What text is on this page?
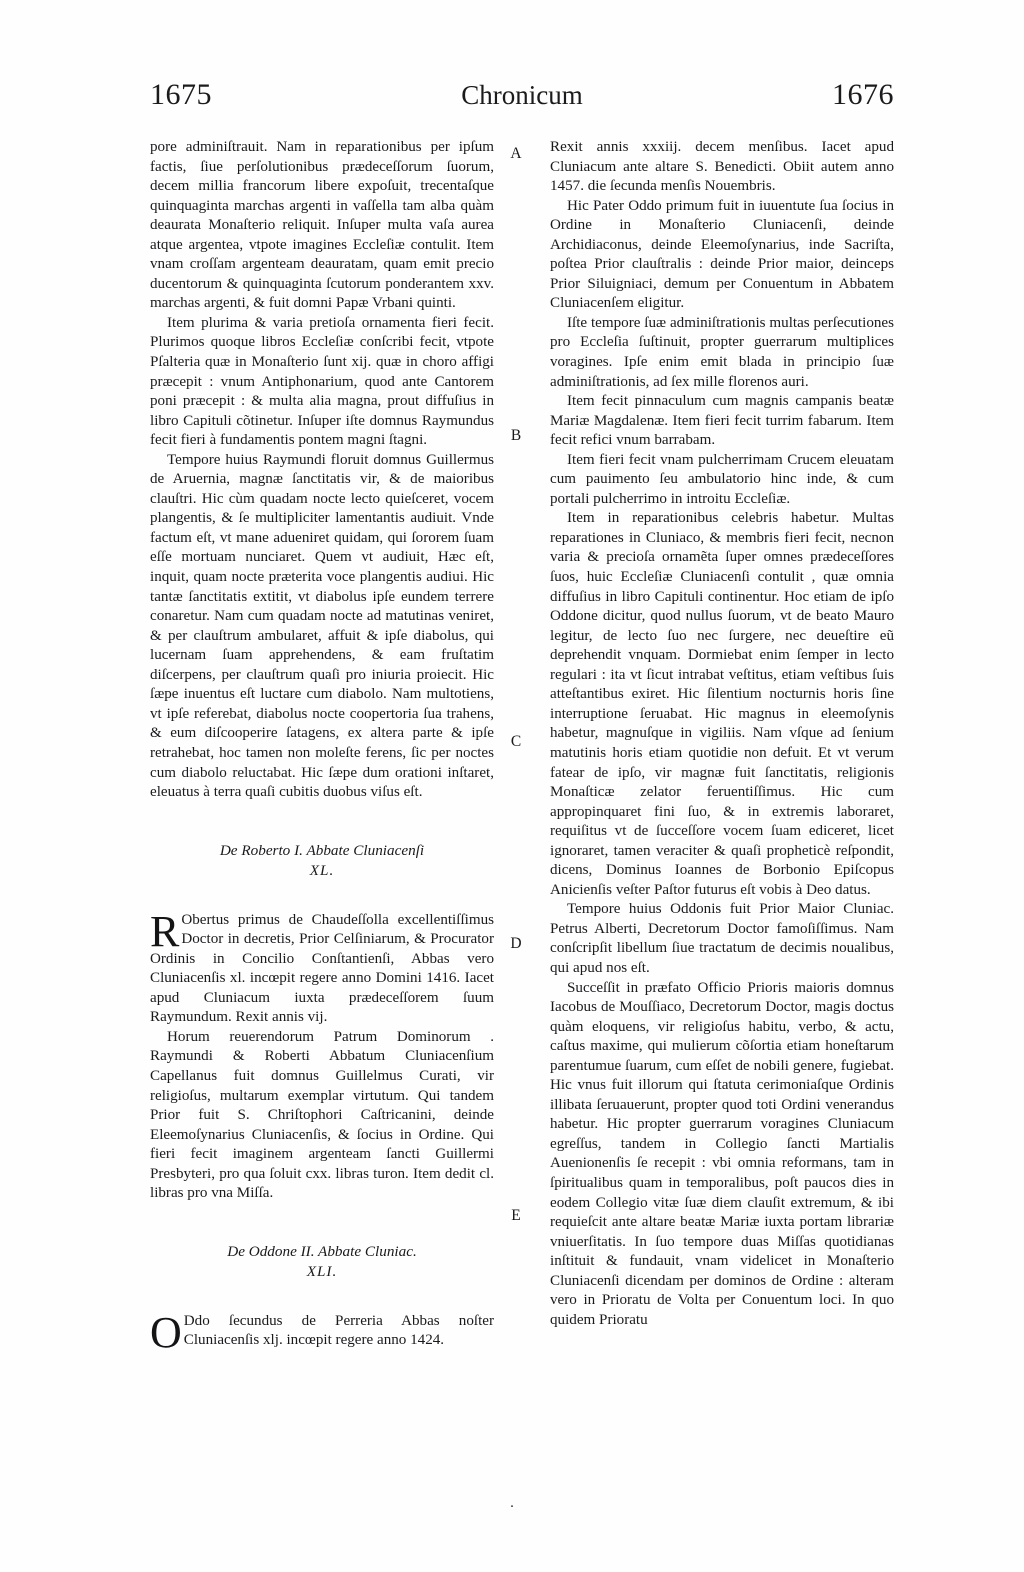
1675	Chronicum	1676
A
B
C
D
E

pore adminiſtrauit. Nam in reparationibus per ipſum factis, ſiue perſolutionibus prædeceſſorum ſuorum, decem millia francorum libere expoſuit, trecentaſque quinquaginta marchas argenti in vaſſella tam alba quàm deaurata Monaſterio reliquit. Inſuper multa vaſa aurea atque argentea, vtpote imagines Eccleſiæ contulit. Item vnam croſſam argenteam deauratam, quam emit precio ducentorum & quinquaginta ſcutorum ponderantem xxv. marchas argenti, & fuit domni Papæ Vrbani quinti.

Item plurima & varia pretioſa ornamenta fieri fecit. Plurimos quoque libros Eccleſiæ conſcribi fecit, vtpote Pſalteria quæ in Monaſterio ſunt xij. quæ in choro affigi præcepit : vnum Antiphonarium, quod ante Cantorem poni præcepit : & multa alia magna, prout diffuſius in libro Capituli cõtinetur. Inſuper iſte domnus Raymundus fecit fieri à fundamentis pontem magni ſtagni.

Tempore huius Raymundi floruit domnus Guillermus de Aruernia, magnæ ſanctitatis vir, & de maioribus clauſtri. Hic cùm quadam nocte lecto quieſceret, vocem plangentis, & ſe multipliciter lamentantis audiuit. Vnde factum eſt, vt mane adueniret quidam, qui ſororem ſuam eſſe mortuam nunciaret. Quem vt audiuit, Hæc eſt, inquit, quam nocte præterita voce plangentis audiui. Hic tantæ ſanctitatis extitit, vt diabolus ipſe eundem terrere conaretur. Nam cum quadam nocte ad matutinas veniret, & per clauſtrum ambularet, affuit & ipſe diabolus, qui lucernam ſuam apprehendens, & eam fruſtatim diſcerpens, per clauſtrum quaſi pro iniuria proiecit. Hic ſæpe inuentus eſt luctare cum diabolo. Nam multotiens, vt ipſe referebat, diabolus nocte coopertoria ſua trahens, & eum diſcooperire ſatagens, ex altera parte & ipſe retrahebat, hoc tamen non moleſte ferens, ſic per noctes cum diabolo reluctabat. Hic ſæpe dum orationi inſtaret, eleuatus à terra quaſi cubitis duobus viſus eſt.

De Roberto I. Abbate Cluniacenſi

XL.

R Obertus primus de Chaudeſſolla excellentiſſimus Doctor in decretis, Prior Celſiniarum, & Procurator Ordinis in Concilio Conſtantienſi, Abbas vero Cluniacenſis xl. incœpit regere anno Domini 1416. Iacet apud Cluniacum iuxta prædeceſſorem ſuum Raymundum. Rexit annis vij.

Horum reuerendorum Patrum Dominorum . Raymundi & Roberti Abbatum Cluniacenſium Capellanus fuit domnus Guillelmus Curati, vir religioſus, multarum exemplar virtutum. Qui tandem Prior fuit S. Chriſtophori Caſtricanini, deinde Eleemoſynarius Cluniacenſis, & ſocius in Ordine. Qui fieri fecit imaginem argenteam ſancti Guillermi Presbyteri, pro qua ſoluit cxx. libras turon. Item dedit cl. libras pro vna Miſſa.

De Oddone II. Abbate Cluniac.

XLI.

O Ddo ſecundus de Perreria Abbas noſter Cluniacenſis xlj. incœpit regere anno 1424.

Rexit annis xxxiij. decem menſibus. Iacet apud Cluniacum ante altare S. Benedicti. Obiit autem anno 1457. die ſecunda menſis Nouembris.

Hic Pater Oddo primum fuit in iuuentute ſua ſocius in Ordine in Monaſterio Cluniacenſi, deinde Archidiaconus, deinde Eleemoſynarius, inde Sacriſta, poſtea Prior clauſtralis : deinde Prior maior, deinceps Prior Siluigniaci, demum per Conuentum in Abbatem Cluniacenſem eligitur.

Iſte tempore ſuæ adminiſtrationis multas perſecutiones pro Eccleſia ſuſtinuit, propter guerrarum multiplices voragines. Ipſe enim emit blada in principio ſuæ adminiſtrationis, ad ſex mille florenos auri.

Item fecit pinnaculum cum magnis campanis beatæ Mariæ Magdalenæ. Item fieri fecit turrim fabarum. Item fecit refici vnum barrabam.

Item fieri fecit vnam pulcherrimam Crucem eleuatam cum pauimento ſeu ambulatorio hinc inde, & cum portali pulcherrimo in introitu Eccleſiæ.

Item in reparationibus celebris habetur. Multas reparationes in Cluniaco, & membris fieri fecit, necnon varia & precioſa ornamẽta ſuper omnes prædeceſſores ſuos, huic Eccleſiæ Cluniacenſi contulit , quæ omnia diffuſius in libro Capituli continentur. Hoc etiam de ipſo Oddone dicitur, quod nullus ſuorum, vt de beato Mauro legitur, de lecto ſuo nec ſurgere, nec deueſtire eũ deprehendit vnquam. Dormiebat enim ſemper in lecto regulari : ita vt ſicut intrabat veſtitus, etiam veſtibus ſuis atteſtantibus exiret. Hic ſilentium nocturnis horis ſine interruptione ſeruabat. Hic magnus in eleemoſynis habetur, magnuſque in vigiliis. Nam vſque ad ſenium matutinis horis etiam quotidie non defuit. Et vt verum fatear de ipſo, vir magnæ fuit ſanctitatis, religionis Monaſticæ zelator feruentiſſimus. Hic cum appropinquaret fini ſuo, & in extremis laboraret, requiſitus vt de ſucceſſore vocem ſuam ediceret, licet ignoraret, tamen veraciter & quaſi propheticè reſpondit, dicens, Dominus Ioannes de Borbonio Epiſcopus Anicienſis veſter Paſtor futurus eſt vobis à Deo datus.

Tempore huius Oddonis fuit Prior Maior Cluniac. Petrus Alberti, Decretorum Doctor famoſiſſimus. Nam conſcripſit libellum ſiue tractatum de decimis noualibus, qui apud nos eſt.

Succeſſit in præfato Officio Prioris maioris domnus Iacobus de Mouſſiaco, Decretorum Doctor, magis doctus quàm eloquens, vir religioſus habitu, verbo, & actu, caſtus maxime, qui mulierum cõſortia etiam honeſtarum parentumue ſuarum, cum eſſet de nobili genere, fugiebat. Hic vnus fuit illorum qui ſtatuta cerimoniaſque Ordinis illibata ſeruauerunt, propter quod toti Ordini venerandus habetur. Hic propter guerrarum voragines Cluniacum egreſſus, tandem in Collegio ſancti Martialis Auenionenſis ſe recepit : vbi omnia reformans, tam in ſpiritualibus quam in temporalibus, poſt paucos dies in eodem Collegio vitæ ſuæ diem clauſit extremum, & ibi requieſcit ante altare beatæ Mariæ iuxta portam librariæ vniuerſitatis. In ſuo tempore duas Miſſas quotidianas inſtituit & fundauit, vnam videlicet in Monaſterio Cluniacenſi dicendam per dominos de Ordine : alteram vero in Prioratu de Volta per Conuentum loci. In quo quidem Prioratu

.
